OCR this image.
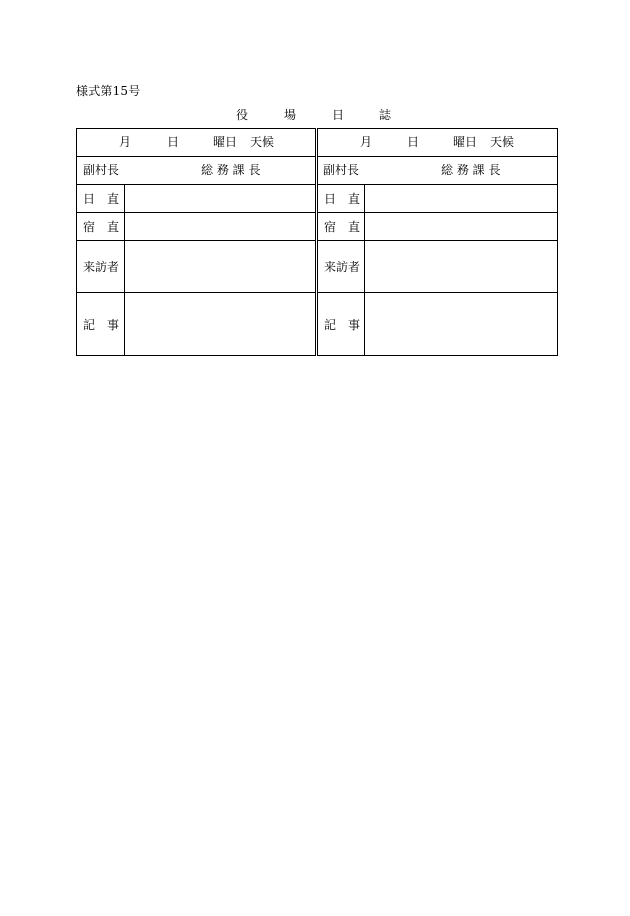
様式第15号
役	場	日	誌
月 日 曜日 天候		月 日 曜日 天候	

副村長 総 務 課 長		副村長 総 務 課 長	

日　直		日　直	
宿　直		宿　直	
来訪者		来訪者	
記　事		記　事	
